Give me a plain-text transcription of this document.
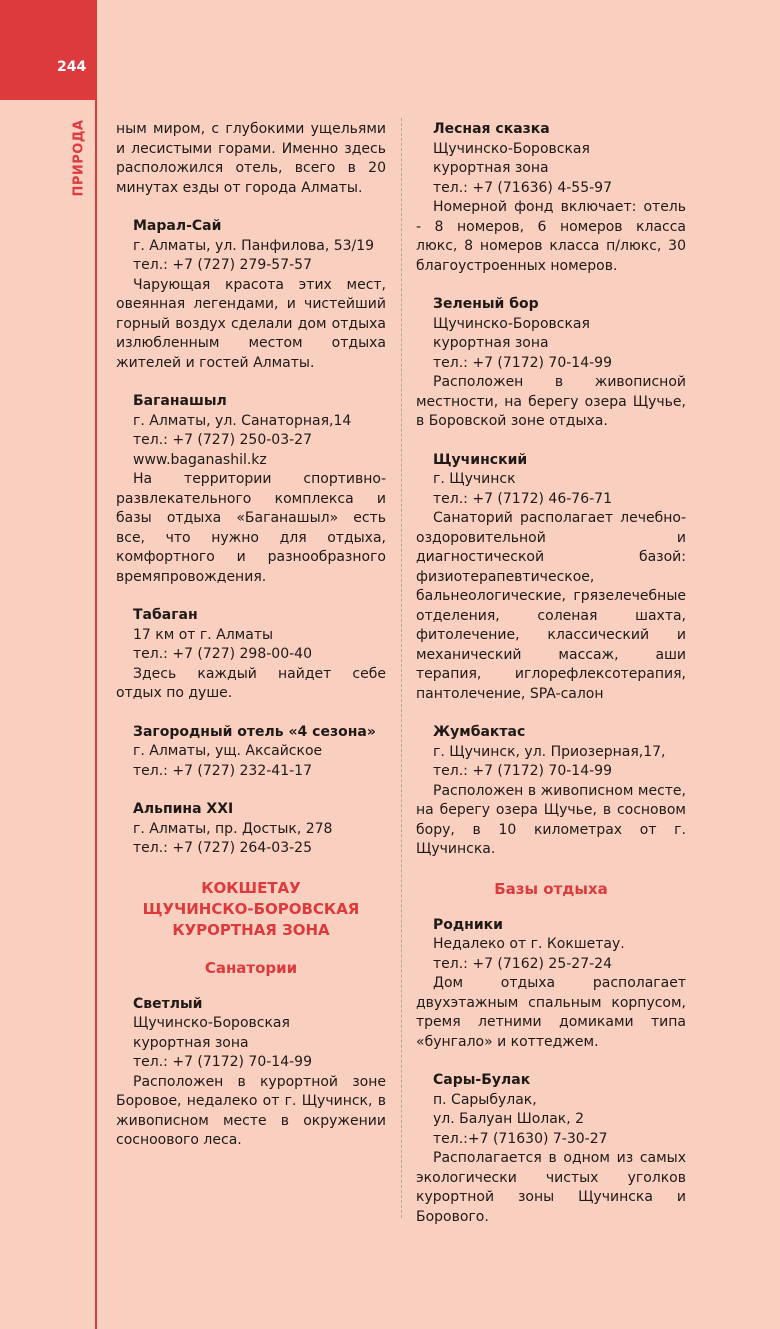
244
ПРИРОДА ным миром, с глубокими ущельями и лесистыми горами. Именно здесь расположился отель, всего в 20 минутах езды от города Алматы.

Марал-Сай
г. Алматы, ул. Панфилова, 53/19
тел.: +7 (727) 279-57-57

Чарующая красота этих мест, овеянная легендами, и чистейший горный воздух сделали дом отдыха излюбленным местом отдыха жителей и гостей Алматы.

Баганашыл
г. Алматы, ул. Санаторная,14
тел.: +7 (727) 250-03-27
www.baganashil.kz

На территории спортивно-развлекательного комплекса и базы отдыха «Баганашыл» есть все, что нужно для отдыха, комфортного и разнообразного времяпровождения.

Табаган
17 км от г. Алматы
тел.: +7 (727) 298-00-40

Здесь каждый найдет себе отдых по душе.

Загородный отель «4 сезона»
г. Алматы, ущ. Аксайское
тел.: +7 (727) 232-41-17
Альпина XXI
г. Алматы, пр. Достык, 278
тел.: +7 (727) 264-03-25
КОКШЕТАУ
ЩУЧИНСКО-БОРОВСКАЯ
КУРОРТНАЯ ЗОНА
Санатории
Светлый
Щучинско-Боровская
курортная зона
тел.: +7 (7172) 70-14-99

Расположен в курортной зоне Боровое, недалеко от г. Щучинск, в живописном месте в окружении сосноового леса.

Лесная сказка
Щучинско-Боровская
курортная зона
тел.: +7 (71636) 4-55-97

Номерной фонд включает: отель - 8 номеров, 6 номеров класса люкс, 8 номеров класса п/люкс, 30 благоустроенных номеров.

Зеленый бор
Щучинско-Боровская
курортная зона
тел.: +7 (7172) 70-14-99

Расположен в живописной местности, на берегу озера Щучье, в Боровской зоне отдыха.

Щучинский
г. Щучинск
тел.: +7 (7172) 46-76-71

Санаторий располагает лечебно-оздоровительной и диагностической базой: физиотерапевтическое, бальнеологические, грязелечебные отделения, соленая шахта, фитолечение, классический и механический массаж, аши терапия, иглорефлексотерапия, пантолечение, SPA-салон

Жумбактас
г. Щучинск, ул. Приозерная,17,
тел.: +7 (7172) 70-14-99

Расположен в живописном месте, на берегу озера Щучье, в сосновом бору, в 10 километрах от г. Щучинска.

Базы отдыха
Родники
Недалеко от г. Кокшетау.
тел.: +7 (7162) 25-27-24

Дом отдыха располагает двухэтажным спальным корпусом, тремя летними домиками типа «бунгало» и коттеджем.

Сары-Булак
п. Сарыбулак,
ул. Балуан Шолак, 2
тел.:+7 (71630) 7-30-27

Располагается в одном из самых экологически чистых уголков курортной зоны Щучинска и Борового.
